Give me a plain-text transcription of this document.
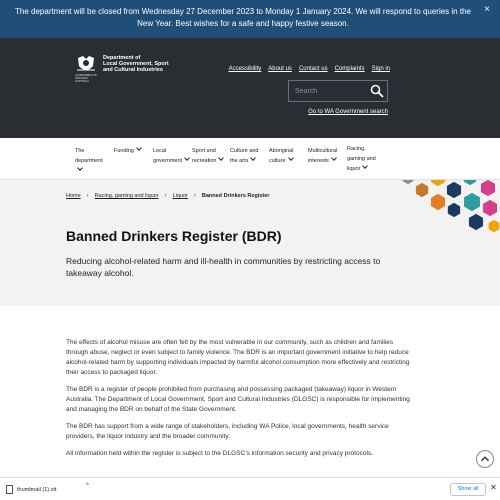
The department will be closed from Wednesday 27 December 2023 to Monday 1 January 2024. We will respond to queries in the New Year. Best wishes for a safe and happy festive season.
×
GOVERNMENT OF WESTERN AUSTRALIA
Department of
Local Government, Sport
and Cultural Industries	Accessibility About us Contact us Complaints Sign in
Search
Go to WA Government search
The
department
Funding	Local
government
Sport and
recreation
Culture and
the arts
Aboriginal
culture
Multicultural
interests
Racing,
gaming and
liquor
Home › Racing, gaming and liquor › Liquor › Banned Drinkers Register
Banned Drinkers Register (BDR)
Reducing alcohol-related harm and ill-health in communities by restricting access to takeaway alcohol.

The effects of alcohol misuse are often felt by the most vulnerable in our community, such as children and families through abuse, neglect or even subject to family violence. The BDR is an important government initiative to help reduce alcohol-related harm by supporting individuals impacted by harmful alcohol consumption more effectively and restricting their access to packaged liquor.

The BDR is a register of people prohibited from purchasing and possessing packaged (takeaway) liquor in Western Australia. The Department of Local Government, Sport and Cultural Industries (DLGSC) is responsible for implementing and managing the BDR on behalf of the State Government.

The BDR has support from a wide range of stakeholders, including WA Police, local governments, health service providers, the liquor industry and the broader community.

All information held within the register is subject to the DLGSC’s information security and privacy protocols.

thumbnail (1).vtt
^	Show all	✕
